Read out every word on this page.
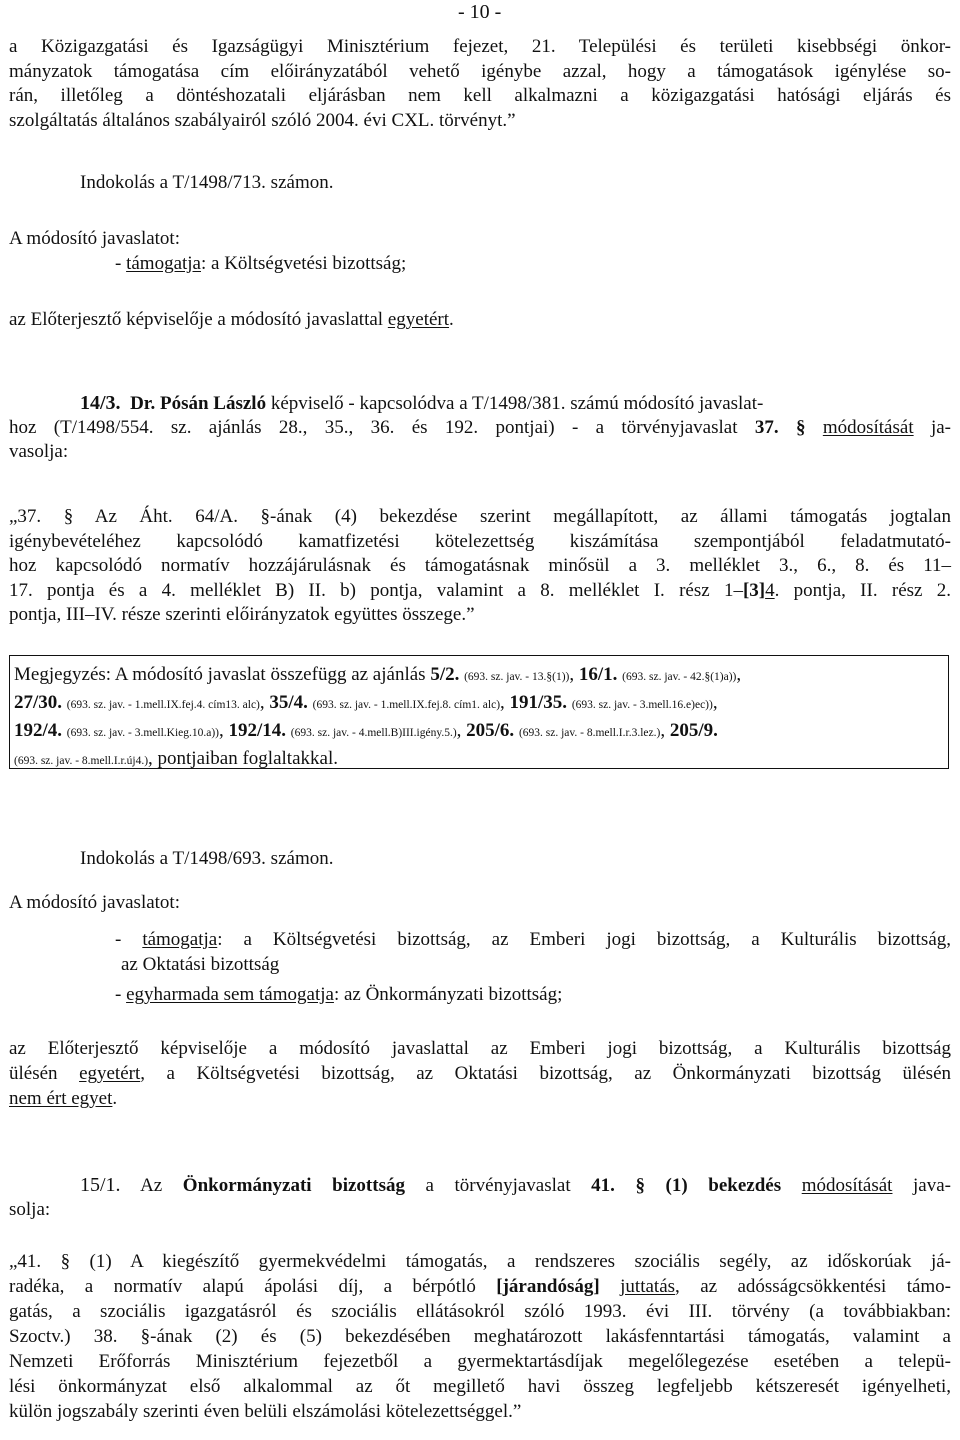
- 10 -
a Közigazgatási és Igazságügyi Minisztérium fejezet, 21. Települési és területi kisebbségi önkor-
mányzatok támogatása cím előirányzatából vehető igénybe azzal, hogy a támogatások igénylése so-
rán, illetőleg a döntéshozatali eljárásban nem kell alkalmazni a közigazgatási hatósági eljárás és
szolgáltatás általános szabályairól szóló 2004. évi CXL. törvényt.”
Indokolás a T/1498/713. számon.
A módosító javaslatot:
- támogatja: a Költségvetési bizottság;
az Előterjesztő képviselője a módosító javaslattal egyetért.
14/3. Dr. Pósán László képviselő - kapcsolódva a T/1498/381. számú módosító javaslat-
hoz (T/1498/554. sz. ajánlás 28., 35., 36. és 192. pontjai) - a törvényjavaslat 37. § módosítását ja-
vasolja:
„37. § Az Áht. 64/A. §-ának (4) bekezdése szerint megállapított, az állami támogatás jogtalan
igénybevételéhez kapcsolódó kamatfizetési kötelezettség kiszámítása szempontjából feladatmutató-
hoz kapcsolódó normatív hozzájárulásnak és támogatásnak minősül a 3. melléklet 3., 6., 8. és 11–
17. pontja és a 4. melléklet B) II. b) pontja, valamint a 8. melléklet I. rész 1–[3]4. pontja, II. rész 2.
pontja, III–IV. része szerinti előirányzatok együttes összege.”
Megjegyzés: A módosító javaslat összefügg az ajánlás 5/2. (693. sz. jav. - 13.§(1)), 16/1. (693. sz. jav. - 42.§(1)a)),
27/30. (693. sz. jav. - 1.mell.IX.fej.4. cím13. alc), 35/4. (693. sz. jav. - 1.mell.IX.fej.8. cím1. alc), 191/35. (693. sz. jav. - 3.mell.16.e)ec)),
192/4. (693. sz. jav. - 3.mell.Kieg.10.a)), 192/14. (693. sz. jav. - 4.mell.B)III.igény.5.), 205/6. (693. sz. jav. - 8.mell.I.r.3.lez.), 205/9.
(693. sz. jav. - 8.mell.I.r.új4.), pontjaiban foglaltakkal.
Indokolás a T/1498/693. számon.
A módosító javaslatot:
- támogatja: a Költségvetési bizottság, az Emberi jogi bizottság, a Kulturális bizottság,
az Oktatási bizottság
- egyharmada sem támogatja: az Önkormányzati bizottság;
az Előterjesztő képviselője a módosító javaslattal az Emberi jogi bizottság, a Kulturális bizottság
ülésén egyetért, a Költségvetési bizottság, az Oktatási bizottság, az Önkormányzati bizottság ülésén
nem ért egyet.
15/1. Az Önkormányzati bizottság a törvényjavaslat 41. § (1) bekezdés módosítását java-
solja:
„41. § (1) A kiegészítő gyermekvédelmi támogatás, a rendszeres szociális segély, az időskorúak já-
radéka, a normatív alapú ápolási díj, a bérpótló [járandóság] juttatás, az adósságcsökkentési támo-
gatás, a szociális igazgatásról és szociális ellátásokról szóló 1993. évi III. törvény (a továbbiakban:
Szoctv.) 38. §-ának (2) és (5) bekezdésében meghatározott lakásfenntartási támogatás, valamint a
Nemzeti Erőforrás Minisztérium fejezetből a gyermektartásdíjak megelőlegezése esetében a telepü-
lési önkormányzat első alkalommal az őt megillető havi összeg legfeljebb kétszeresét igényelheti,
külön jogszabály szerinti éven belüli elszámolási kötelezettséggel.”
